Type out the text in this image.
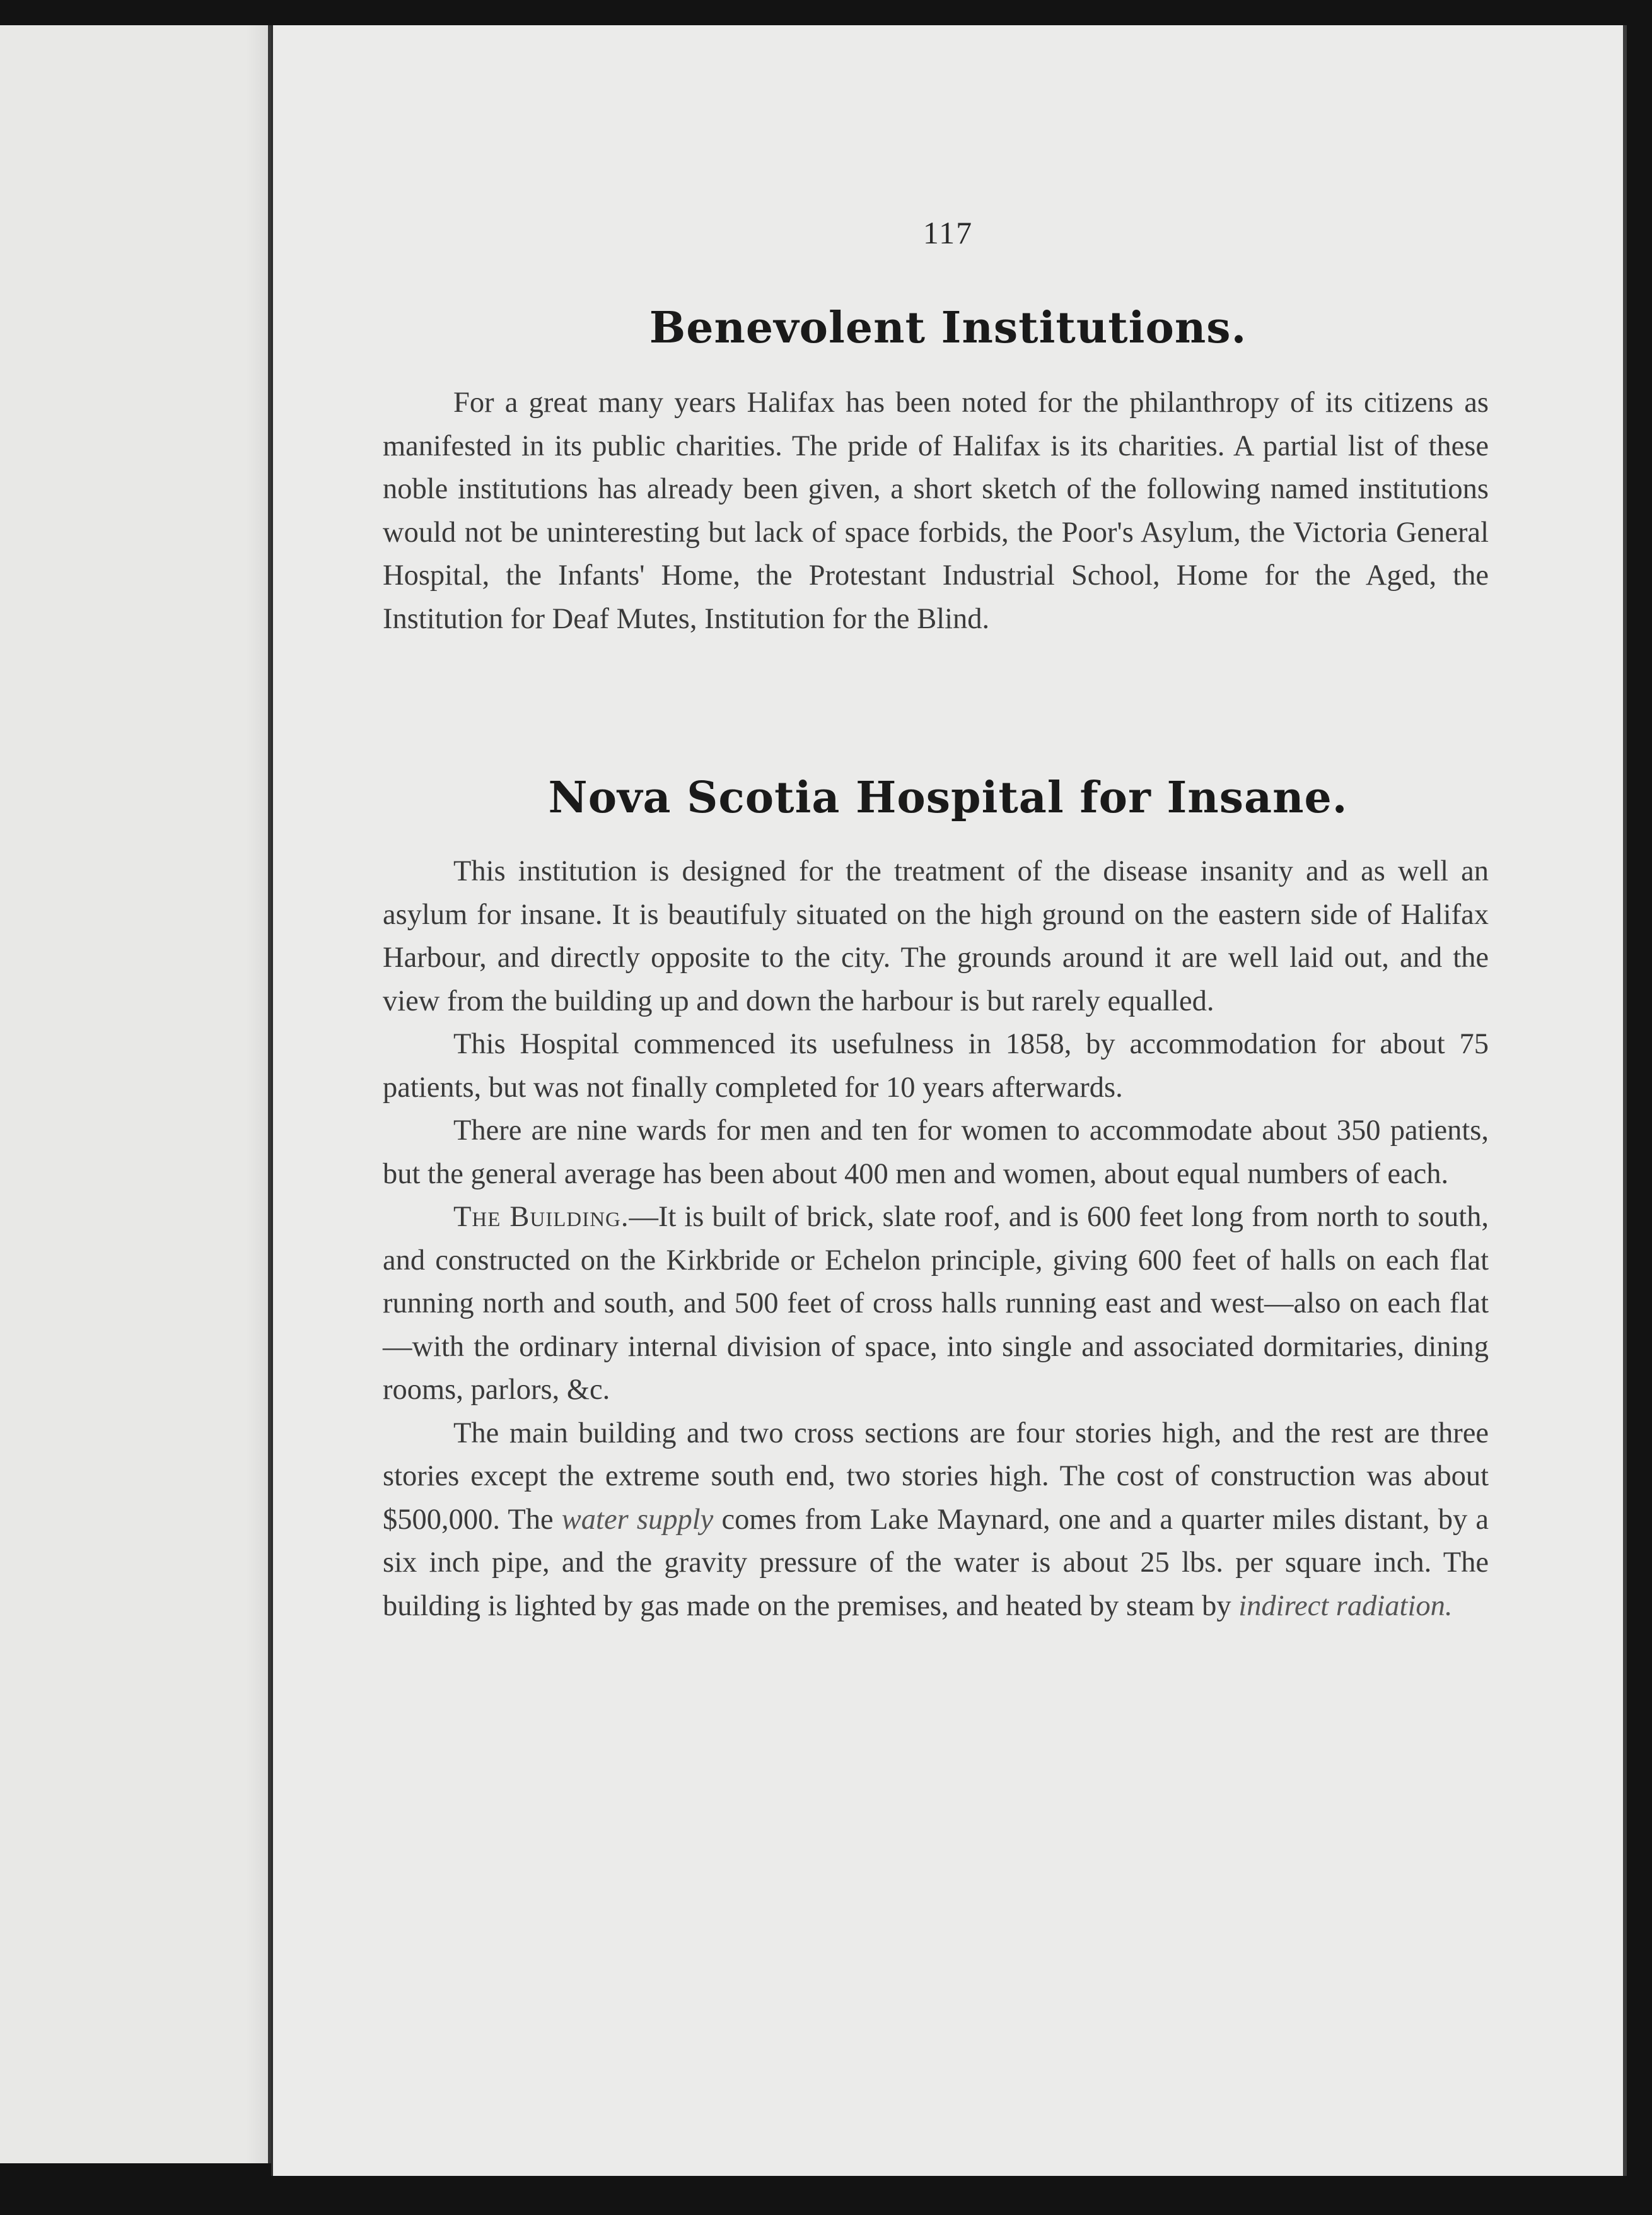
117
Benevolent Institutions.

For a great many years Halifax has been noted for the philanthropy of its citizens as manifested in its public charities. The pride of Halifax is its charities. A partial list of these noble institutions has already been given, a short sketch of the following named institutions would not be uninteresting but lack of space forbids, the Poor's Asylum, the Victoria General Hospital, the Infants' Home, the Protestant Industrial School, Home for the Aged, the Institution for Deaf Mutes, Institution for the Blind.

Nova Scotia Hospital for Insane.

This institution is designed for the treatment of the disease insanity and as well an asylum for insane. It is beautifuly situated on the high ground on the eastern side of Halifax Harbour, and directly opposite to the city. The grounds around it are well laid out, and the view from the building up and down the harbour is but rarely equalled.

This Hospital commenced its usefulness in 1858, by accommodation for about 75 patients, but was not finally completed for 10 years afterwards.

There are nine wards for men and ten for women to accommodate about 350 patients, but the general average has been about 400 men and women, about equal numbers of each.

The Building.—It is built of brick, slate roof, and is 600 feet long from north to south, and constructed on the Kirkbride or Echelon principle, giving 600 feet of halls on each flat running north and south, and 500 feet of cross halls running east and west—also on each flat—with the ordinary internal division of space, into single and associated dormitaries, dining rooms, parlors, &c.

The main building and two cross sections are four stories high, and the rest are three stories except the extreme south end, two stories high. The cost of construction was about $500,000. The water supply comes from Lake Maynard, one and a quarter miles distant, by a six inch pipe, and the gravity pressure of the water is about 25 lbs. per square inch. The building is lighted by gas made on the premises, and heated by steam by indirect radiation.
